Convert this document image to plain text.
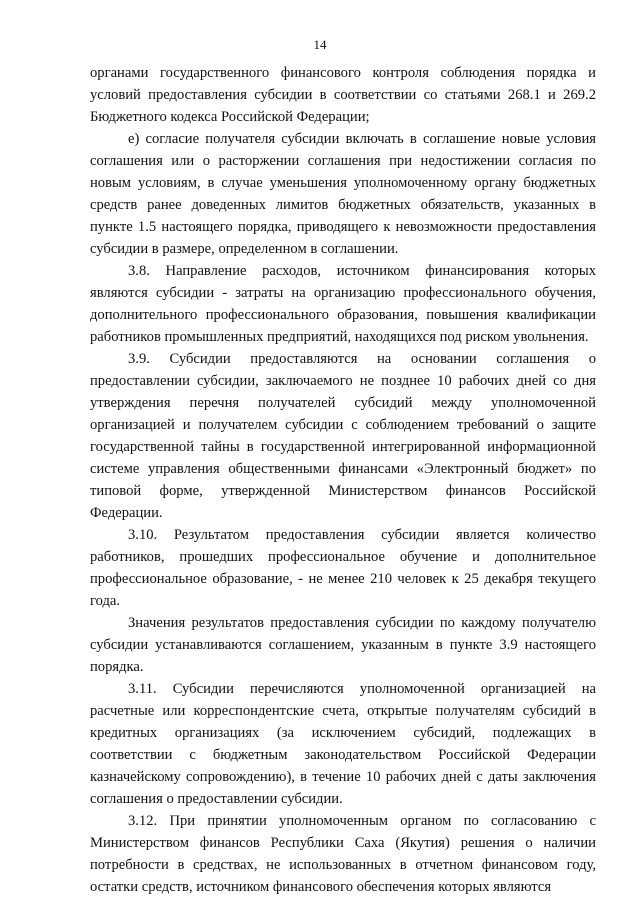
14

органами государственного финансового контроля соблюдения порядка и условий предоставления субсидии в соответствии со статьями 268.1 и 269.2 Бюджетного кодекса Российской Федерации;

е) согласие получателя субсидии включать в соглашение новые условия соглашения или о расторжении соглашения при недостижении согласия по новым условиям, в случае уменьшения уполномоченному органу бюджетных средств ранее доведенных лимитов бюджетных обязательств, указанных в пункте 1.5 настоящего порядка, приводящего к невозможности предоставления субсидии в размере, определенном в соглашении.

3.8. Направление расходов, источником финансирования которых являются субсидии - затраты на организацию профессионального обучения, дополнительного профессионального образования, повышения квалификации работников промышленных предприятий, находящихся под риском увольнения.

3.9. Субсидии предоставляются на основании соглашения о предоставлении субсидии, заключаемого не позднее 10 рабочих дней со дня утверждения перечня получателей субсидий между уполномоченной организацией и получателем субсидии с соблюдением требований о защите государственной тайны в государственной интегрированной информационной системе управления общественными финансами «Электронный бюджет» по типовой форме, утвержденной Министерством финансов Российской Федерации.

3.10. Результатом предоставления субсидии является количество работников, прошедших профессиональное обучение и дополнительное профессиональное образование, - не менее 210 человек к 25 декабря текущего года.

Значения результатов предоставления субсидии по каждому получателю субсидии устанавливаются соглашением, указанным в пункте 3.9 настоящего порядка.

3.11. Субсидии перечисляются уполномоченной организацией на расчетные или корреспондентские счета, открытые получателям субсидий в кредитных организациях (за исключением субсидий, подлежащих в соответствии с бюджетным законодательством Российской Федерации казначейскому сопровождению), в течение 10 рабочих дней с даты заключения соглашения о предоставлении субсидии.

3.12. При принятии уполномоченным органом по согласованию с Министерством финансов Республики Саха (Якутия) решения о наличии потребности в средствах, не использованных в отчетном финансовом году, остатки средств, источником финансового обеспечения которых являются
